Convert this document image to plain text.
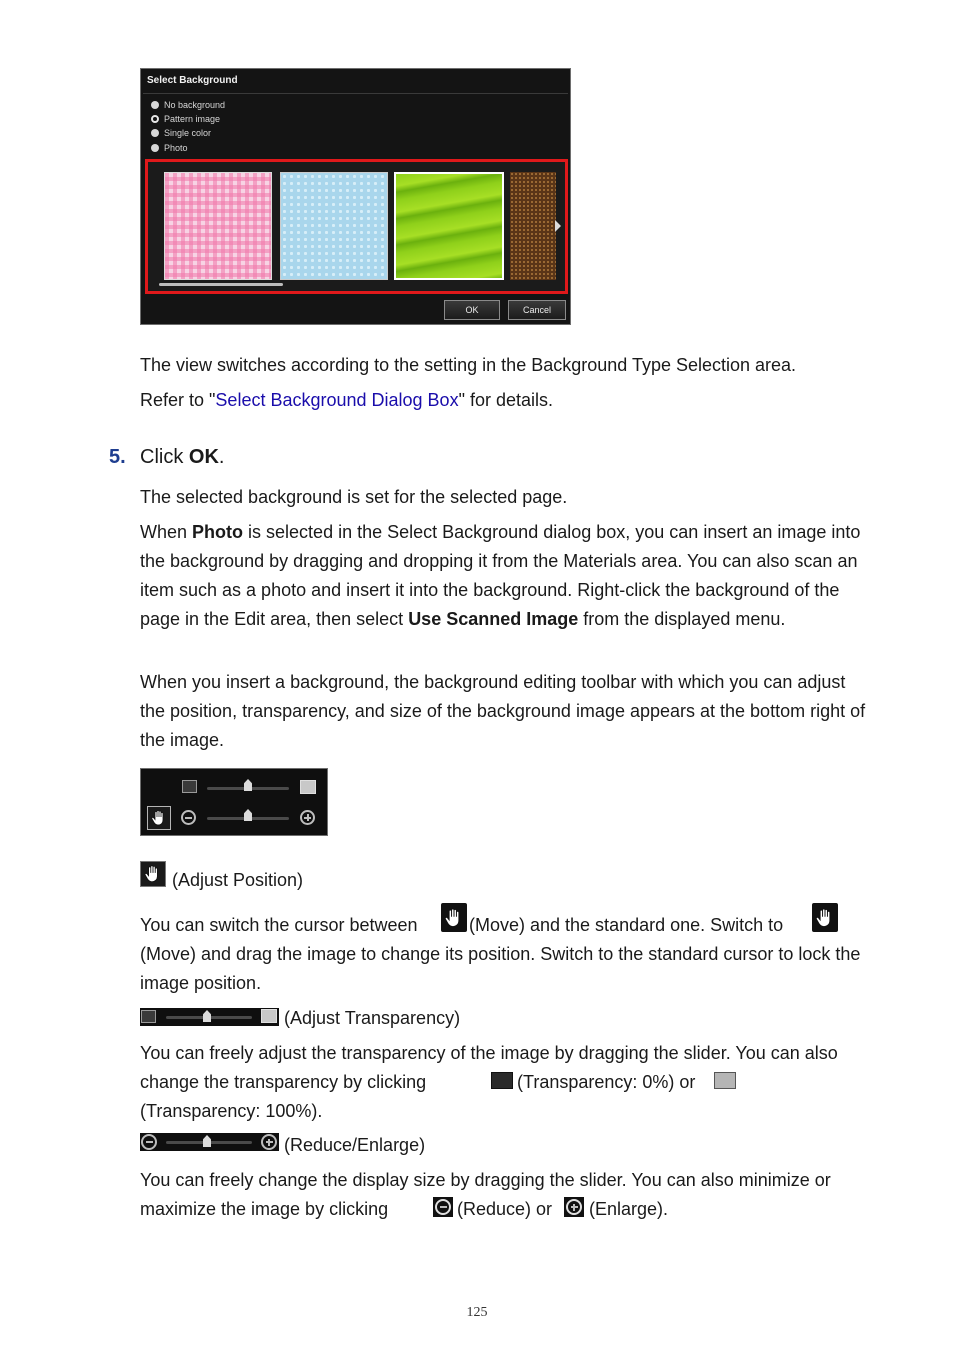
Select Background
No background
Pattern image
Single color
Photo
OK	Cancel

The view switches according to the setting in the Background Type Selection area.

Refer to "Select Background Dialog Box" for details.

5. Click OK.

The selected background is set for the selected page.

When Photo is selected in the Select Background dialog box, you can insert an image into the background by dragging and dropping it from the Materials area. You can also scan an item such as a photo and insert it into the background. Right-click the background of the page in the Edit area, then select Use Scanned Image from the displayed menu.

When you insert a background, the background editing toolbar with which you can adjust the position, transparency, and size of the background image appears at the bottom right of the image.

(Adjust Position)

You can switch the cursor between	(Move) and the standard one. Switch to

(Move) and drag the image to change its position. Switch to the standard cursor to lock the image position.

(Adjust Transparency)

You can freely adjust the transparency of the image by dragging the slider. You can also change the transparency by clicking	(Transparency: 0%) or

(Transparency: 100%).

(Reduce/Enlarge)

You can freely change the display size by dragging the slider. You can also minimize or maximize the image by clicking	(Reduce) or	(Enlarge).

125
